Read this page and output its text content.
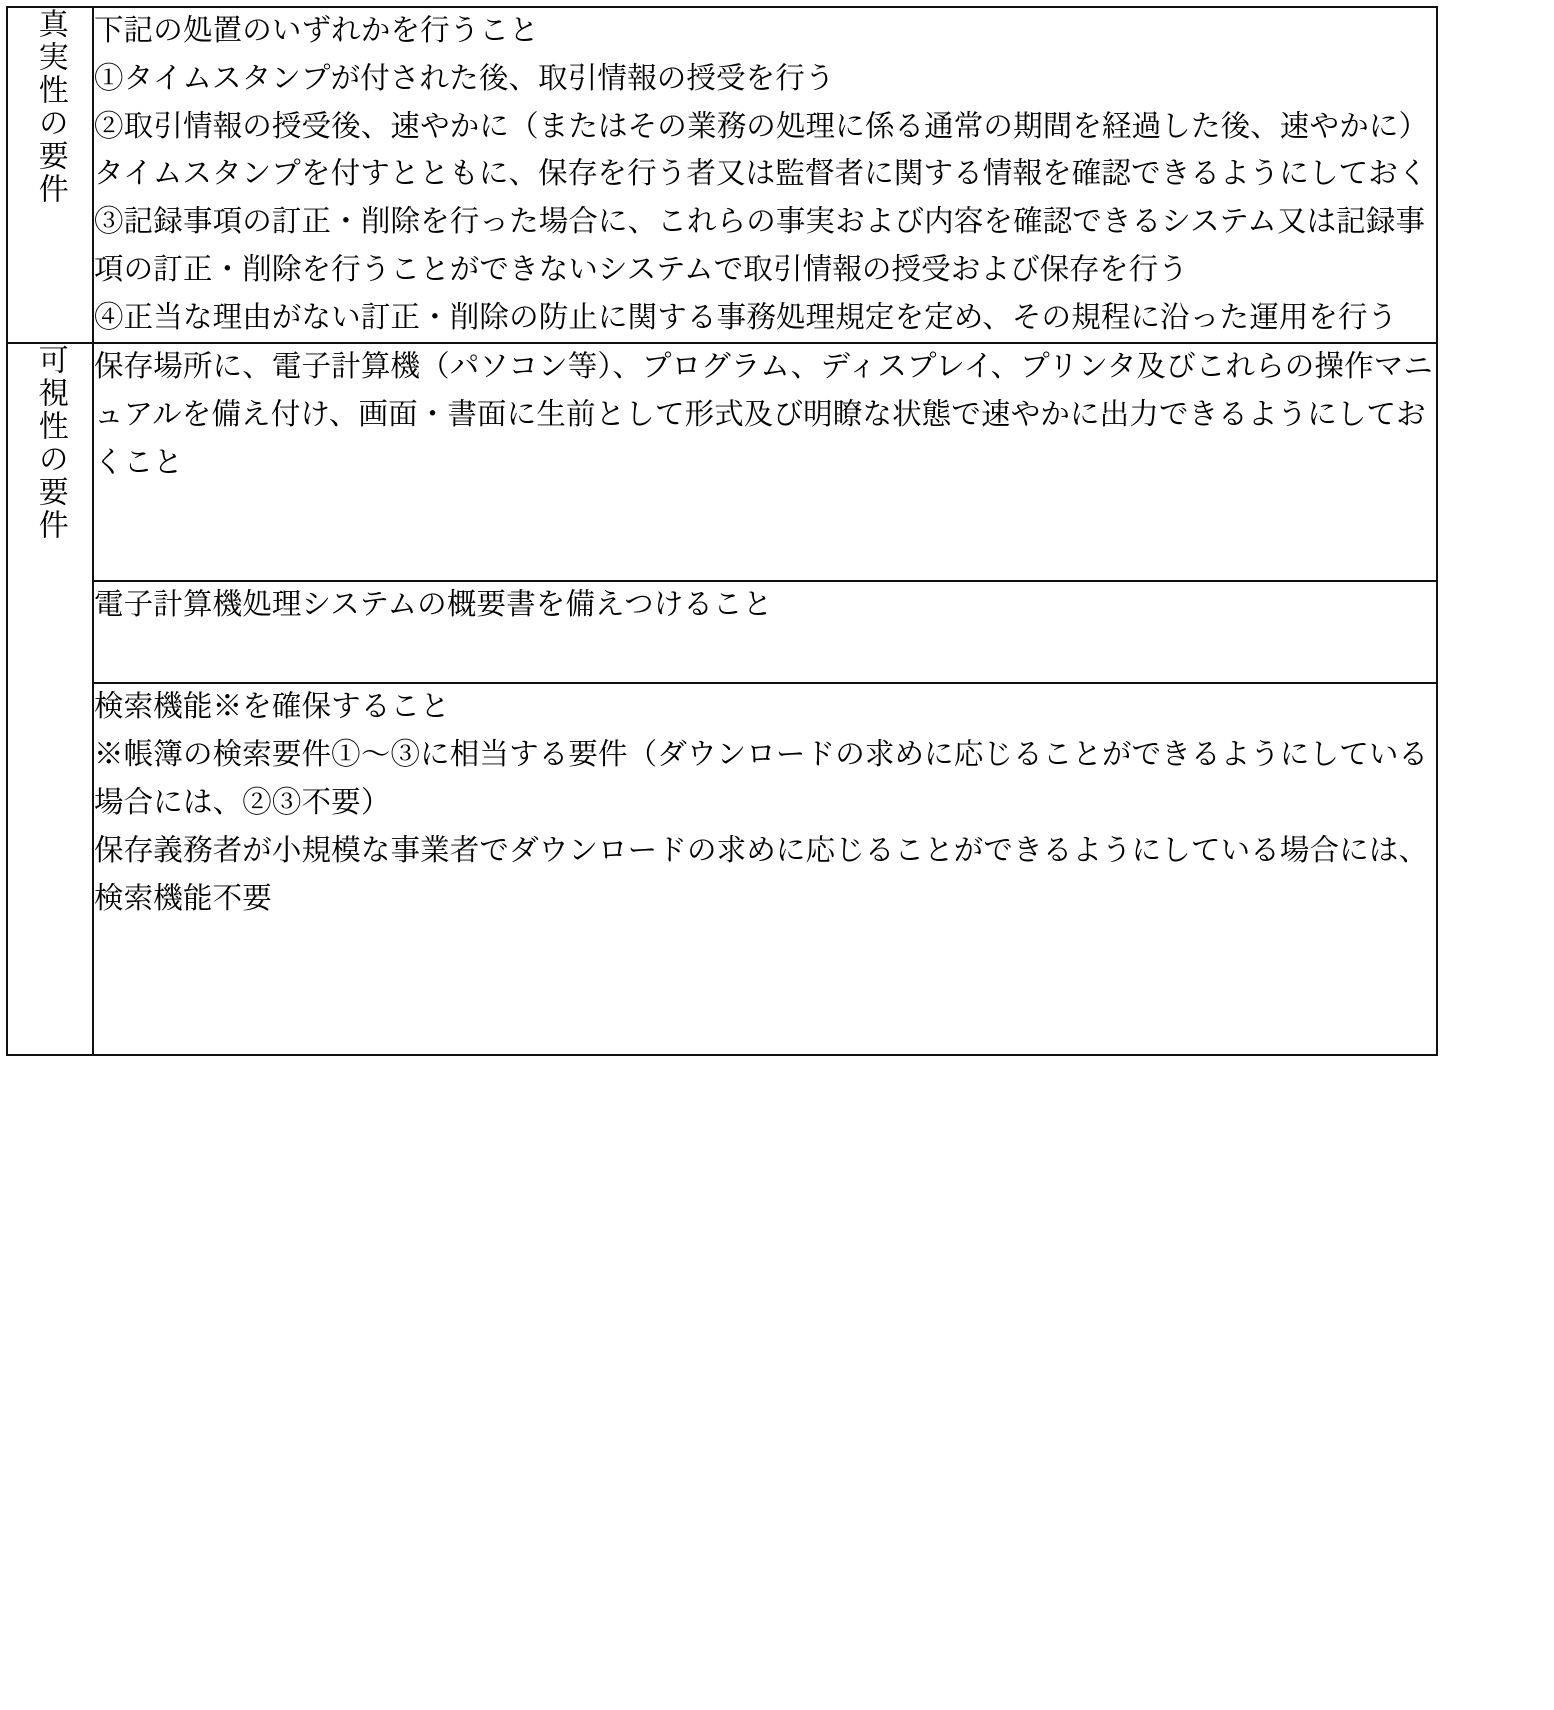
真実性の要件	下記の処置のいずれかを行うこと

①タイムスタンプが付された後、取引情報の授受を行う

②取引情報の授受後、速やかに（またはその業務の処理に係る通常の期間を経過した後、速やかに）タイムスタンプを付すとともに、保存を行う者又は監督者に関する情報を確認できるようにしておく

③記録事項の訂正・削除を行った場合に、これらの事実および内容を確認できるシステム又は記録事項の訂正・削除を行うことができないシステムで取引情報の授受および保存を行う

④正当な理由がない訂正・削除の防止に関する事務処理規定を定め、その規程に沿った運用を行う

可視性の要件	保存場所に、電子計算機（パソコン等）、プログラム、ディスプレイ、プリンタ及びこれらの操作マニュアルを備え付け、画面・書面に生前として形式及び明瞭な状態で速やかに出力できるようにしておくこと

	電子計算機処理システムの概要書を備えつけること

	検索機能※を確保すること

※帳簿の検索要件①〜③に相当する要件（ダウンロードの求めに応じることができるようにしている場合には、②③不要）

保存義務者が小規模な事業者でダウンロードの求めに応じることができるようにしている場合には、検索機能不要
